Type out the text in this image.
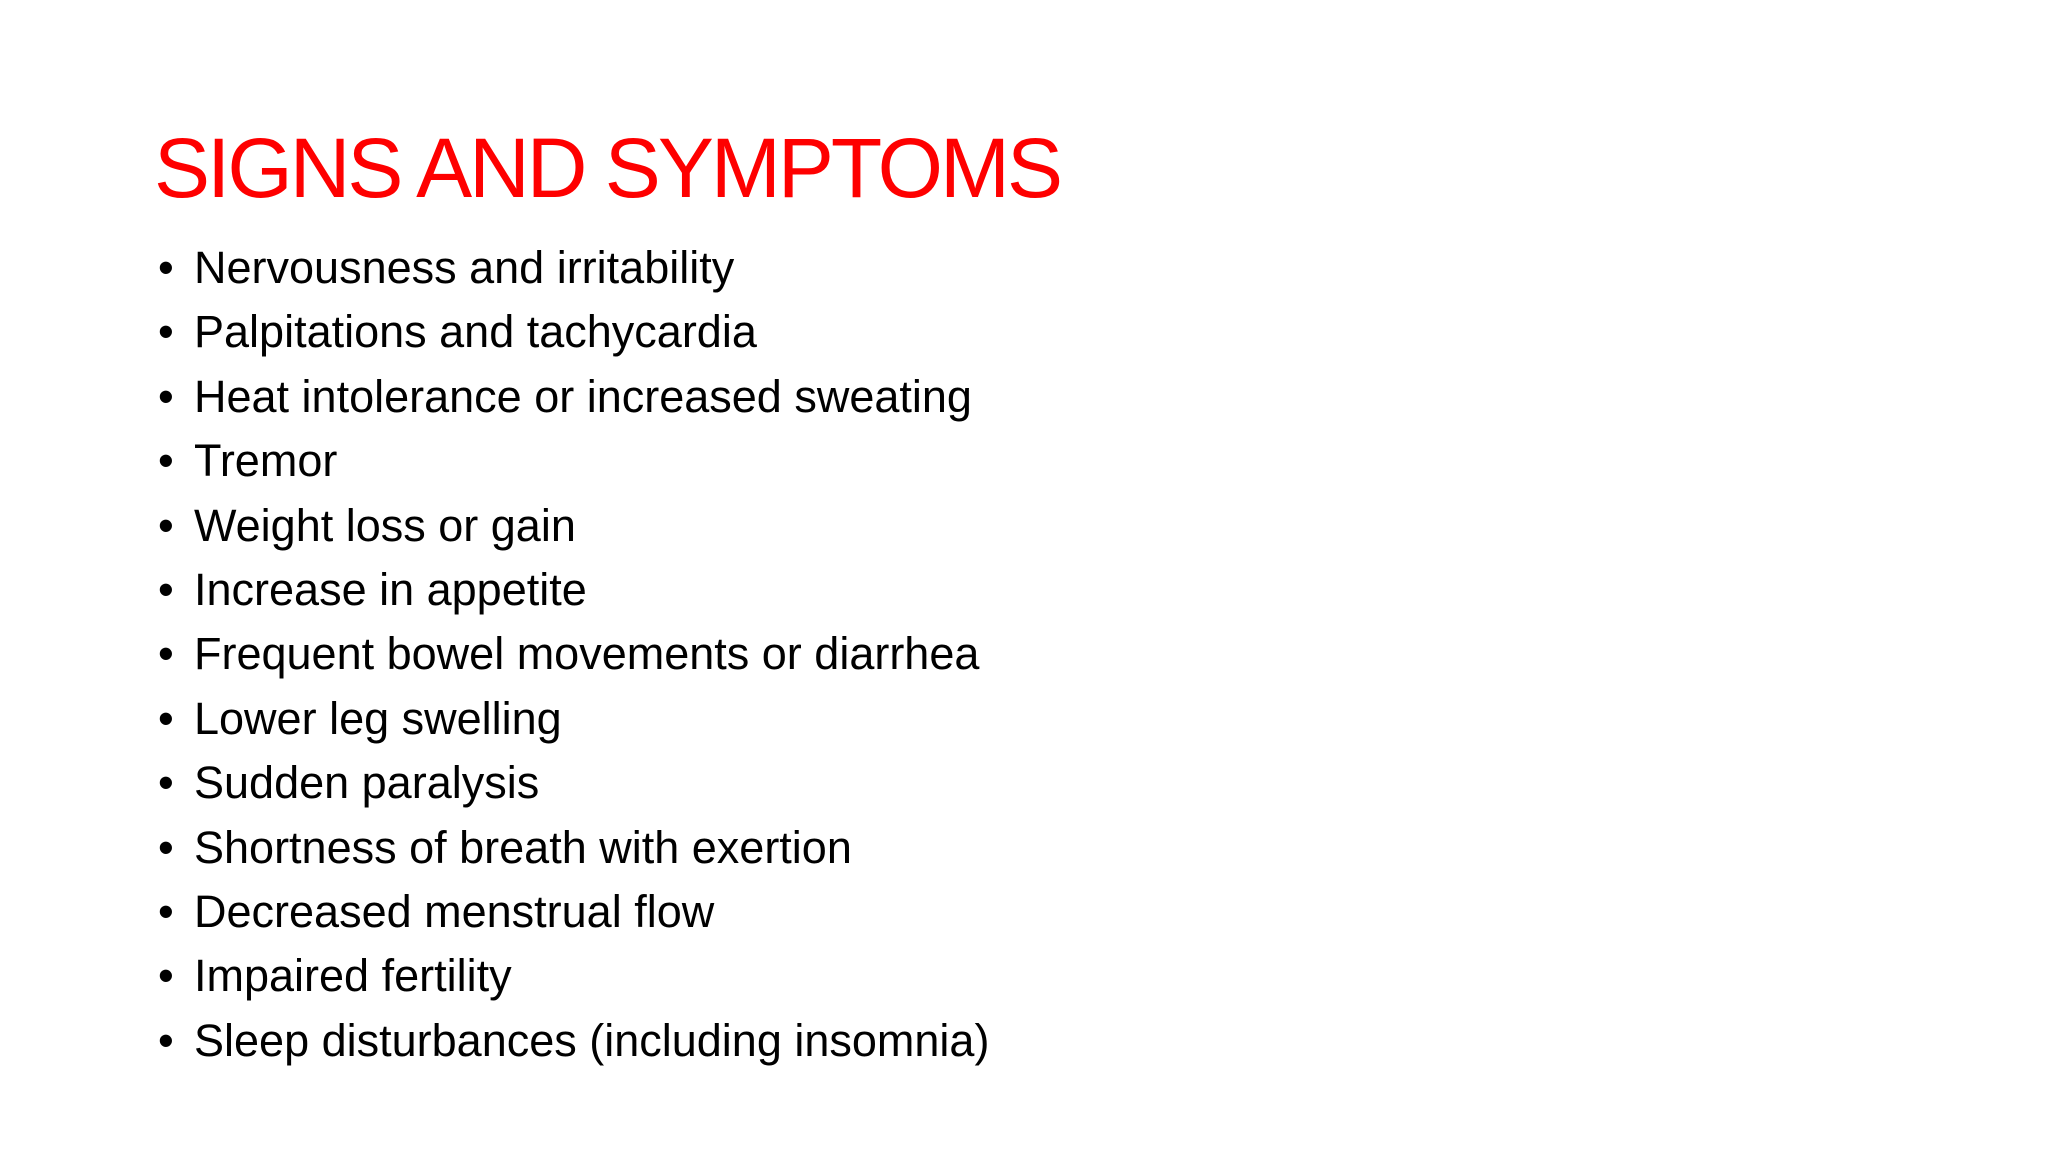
SIGNS AND SYMPTOMS
• Nervousness and irritability
• Palpitations and tachycardia
• Heat intolerance or increased sweating
• Tremor
• Weight loss or gain
• Increase in appetite
• Frequent bowel movements or diarrhea
• Lower leg swelling
• Sudden paralysis
• Shortness of breath with exertion
• Decreased menstrual flow
• Impaired fertility
• Sleep disturbances (including insomnia)
